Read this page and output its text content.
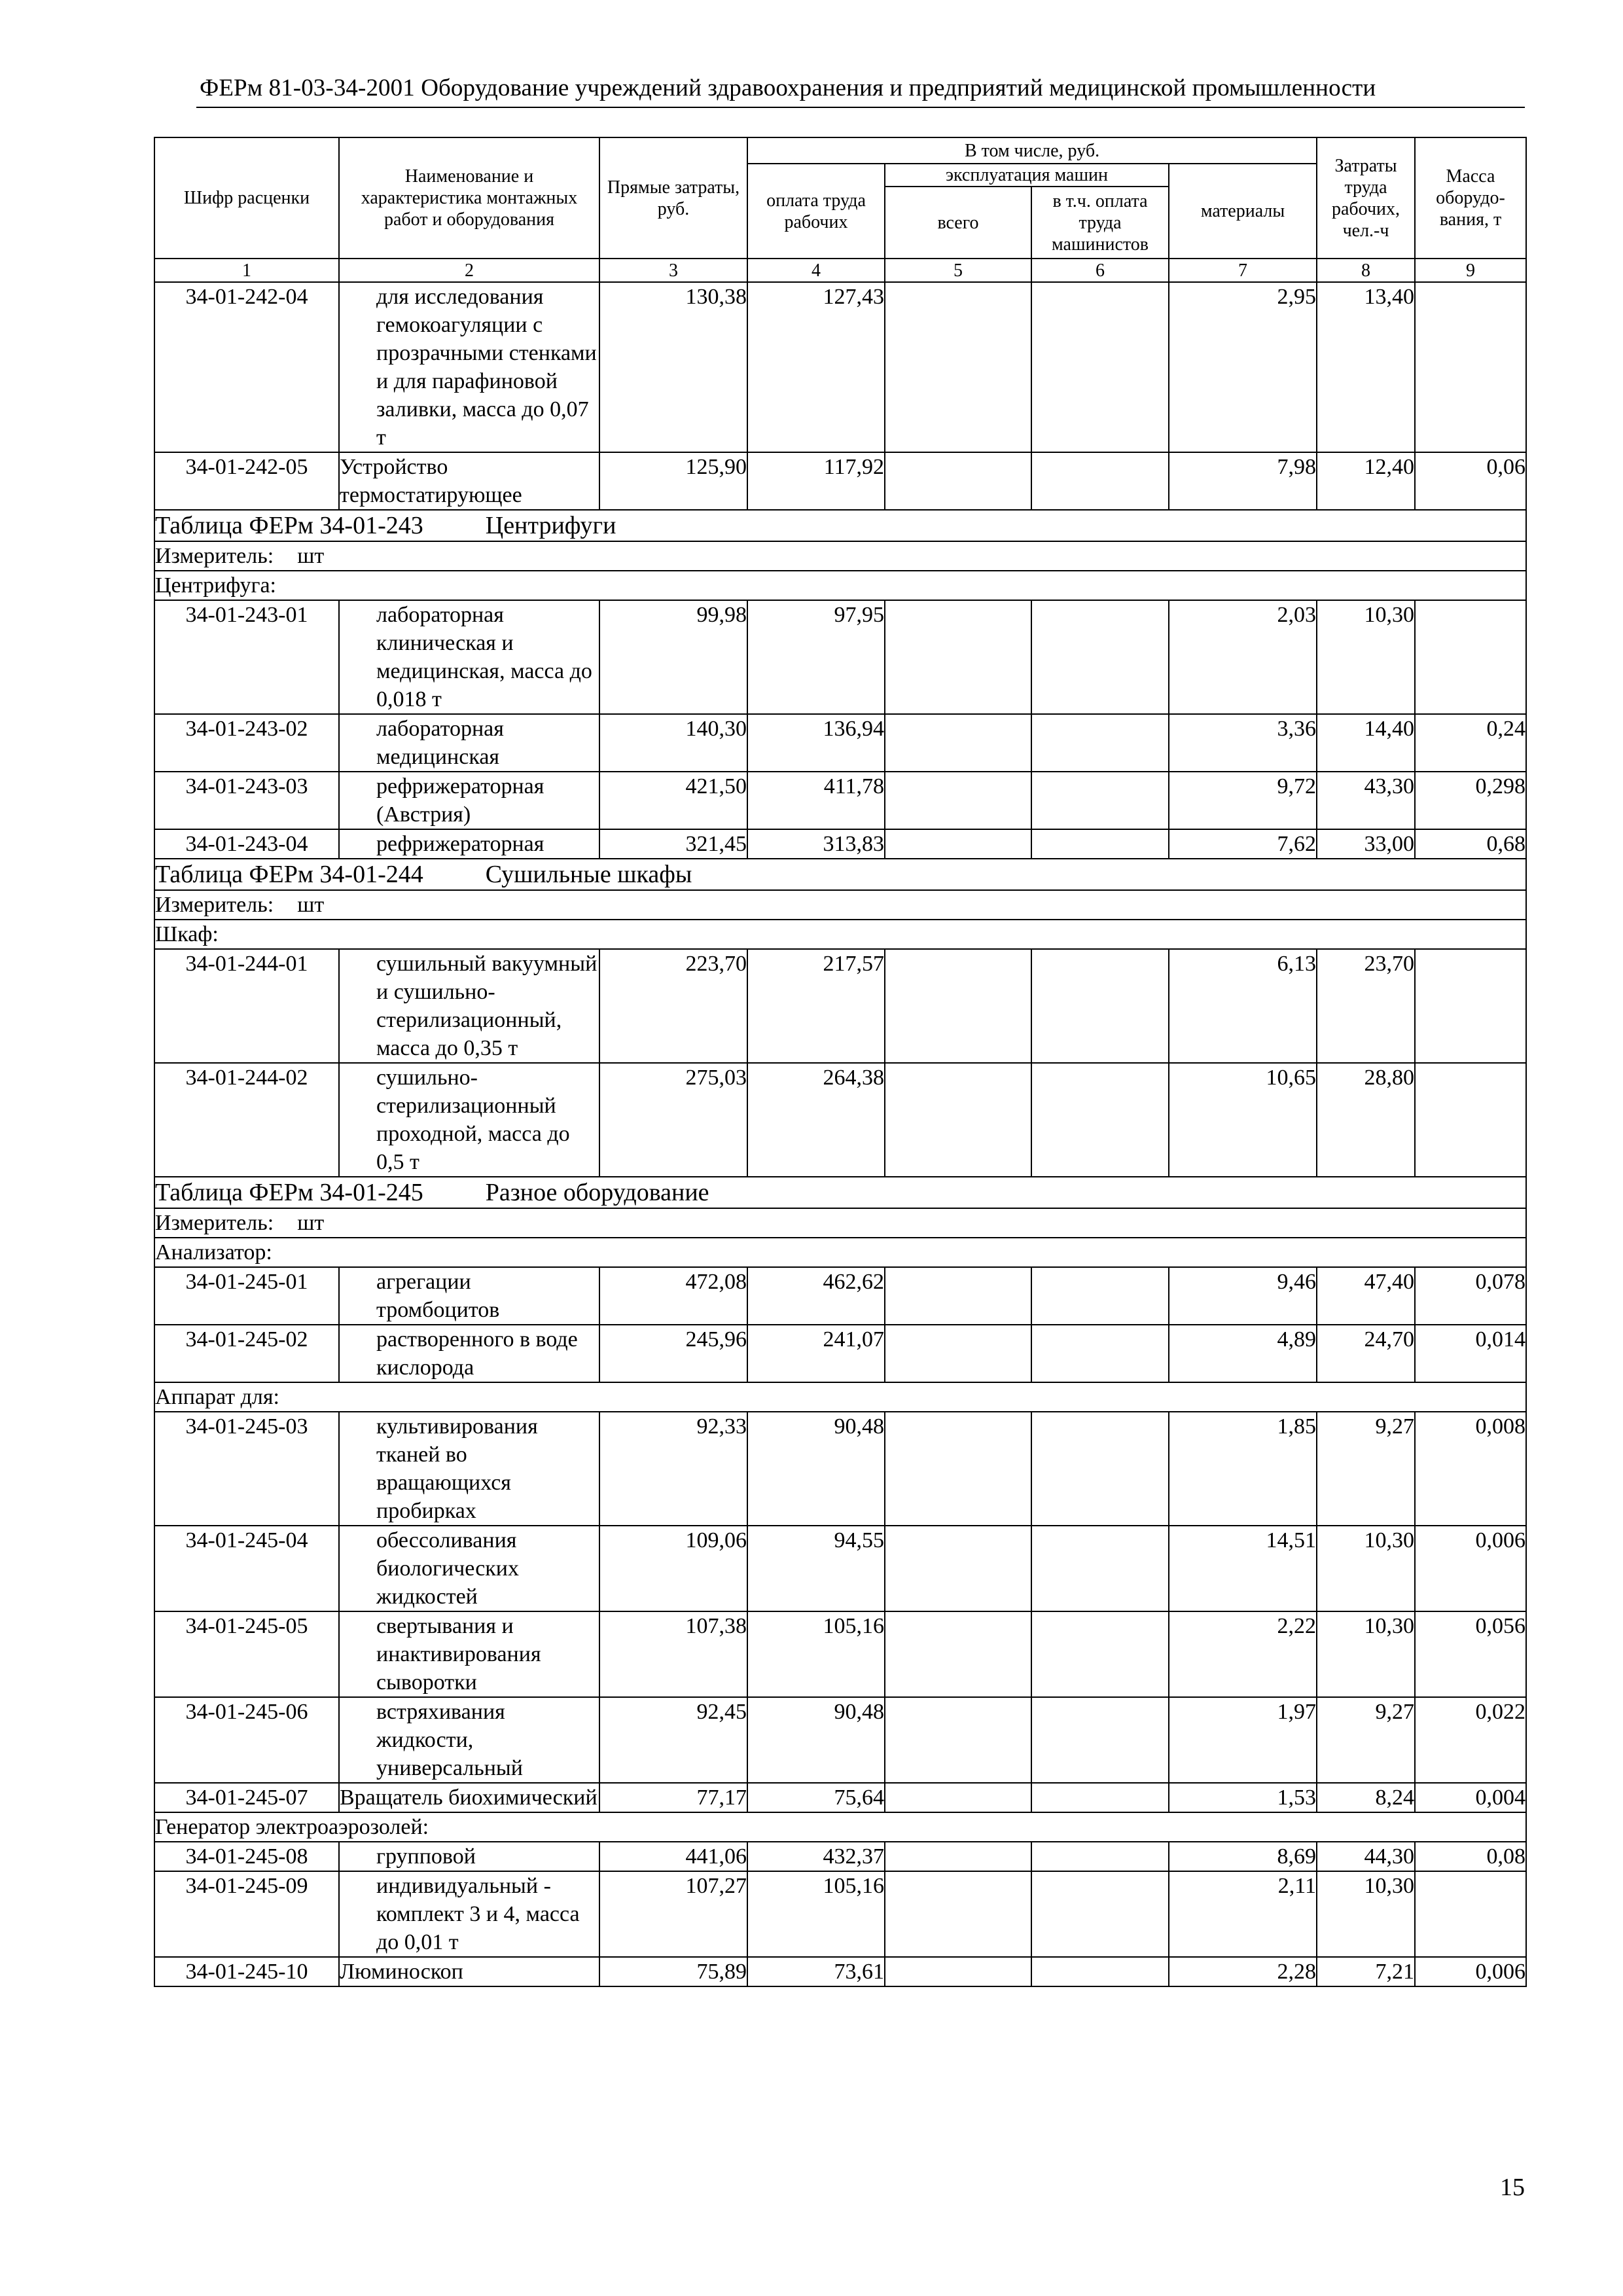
ФЕРм 81-03-34-2001 Оборудование учреждений здравоохранения и предприятий медицинской промышленности
Шифр расценки	Наименование и характеристика монтажных работ и оборудования	Прямые затраты, руб.	В том числе, руб.				Затраты труда рабочих, чел.-ч	Масса оборудо-вания, т
			оплата труда рабочих	эксплуатация машин		материалы		
				всего	в т.ч. оплата труда машинистов			
1	2	3	4	5	6	7	8	9
34-01-242-04	для исследования гемокоагуляции с прозрачными стенками и для парафиновой заливки, масса до 0,07 т	130,38	127,43			2,95	13,40	
34-01-242-05	Устройство термостатирующее	125,90	117,92			7,98	12,40	0,06
Таблица ФЕРм 34-01-243 Центрифуги								
Измеритель: шт								
Центрифуга:								
34-01-243-01	лабораторная клиническая и медицинская, масса до 0,018 т	99,98	97,95			2,03	10,30	
34-01-243-02	лабораторная медицинская	140,30	136,94			3,36	14,40	0,24
34-01-243-03	рефрижераторная (Австрия)	421,50	411,78			9,72	43,30	0,298
34-01-243-04	рефрижераторная	321,45	313,83			7,62	33,00	0,68
Таблица ФЕРм 34-01-244 Сушильные шкафы								
Измеритель: шт								
Шкаф:								
34-01-244-01	сушильный вакуумный и сушильно-стерилизационный, масса до 0,35 т	223,70	217,57			6,13	23,70	
34-01-244-02	сушильно-стерилизационный проходной, масса до 0,5 т	275,03	264,38			10,65	28,80	
Таблица ФЕРм 34-01-245 Разное оборудование								
Измеритель: шт								
Анализатор:								
34-01-245-01	агрегации тромбоцитов	472,08	462,62			9,46	47,40	0,078
34-01-245-02	растворенного в воде кислорода	245,96	241,07			4,89	24,70	0,014
Аппарат для:								
34-01-245-03	культивирования тканей во вращающихся пробирках	92,33	90,48			1,85	9,27	0,008
34-01-245-04	обессоливания биологических жидкостей	109,06	94,55			14,51	10,30	0,006
34-01-245-05	свертывания и инактивирования сыворотки	107,38	105,16			2,22	10,30	0,056
34-01-245-06	встряхивания жидкости, универсальный	92,45	90,48			1,97	9,27	0,022
34-01-245-07	Вращатель биохимический	77,17	75,64			1,53	8,24	0,004
Генератор электроаэрозолей:								
34-01-245-08	групповой	441,06	432,37			8,69	44,30	0,08
34-01-245-09	индивидуальный - комплект 3 и 4, масса до 0,01 т	107,27	105,16			2,11	10,30	
34-01-245-10	Люминоскоп	75,89	73,61			2,28	7,21	0,006
15
